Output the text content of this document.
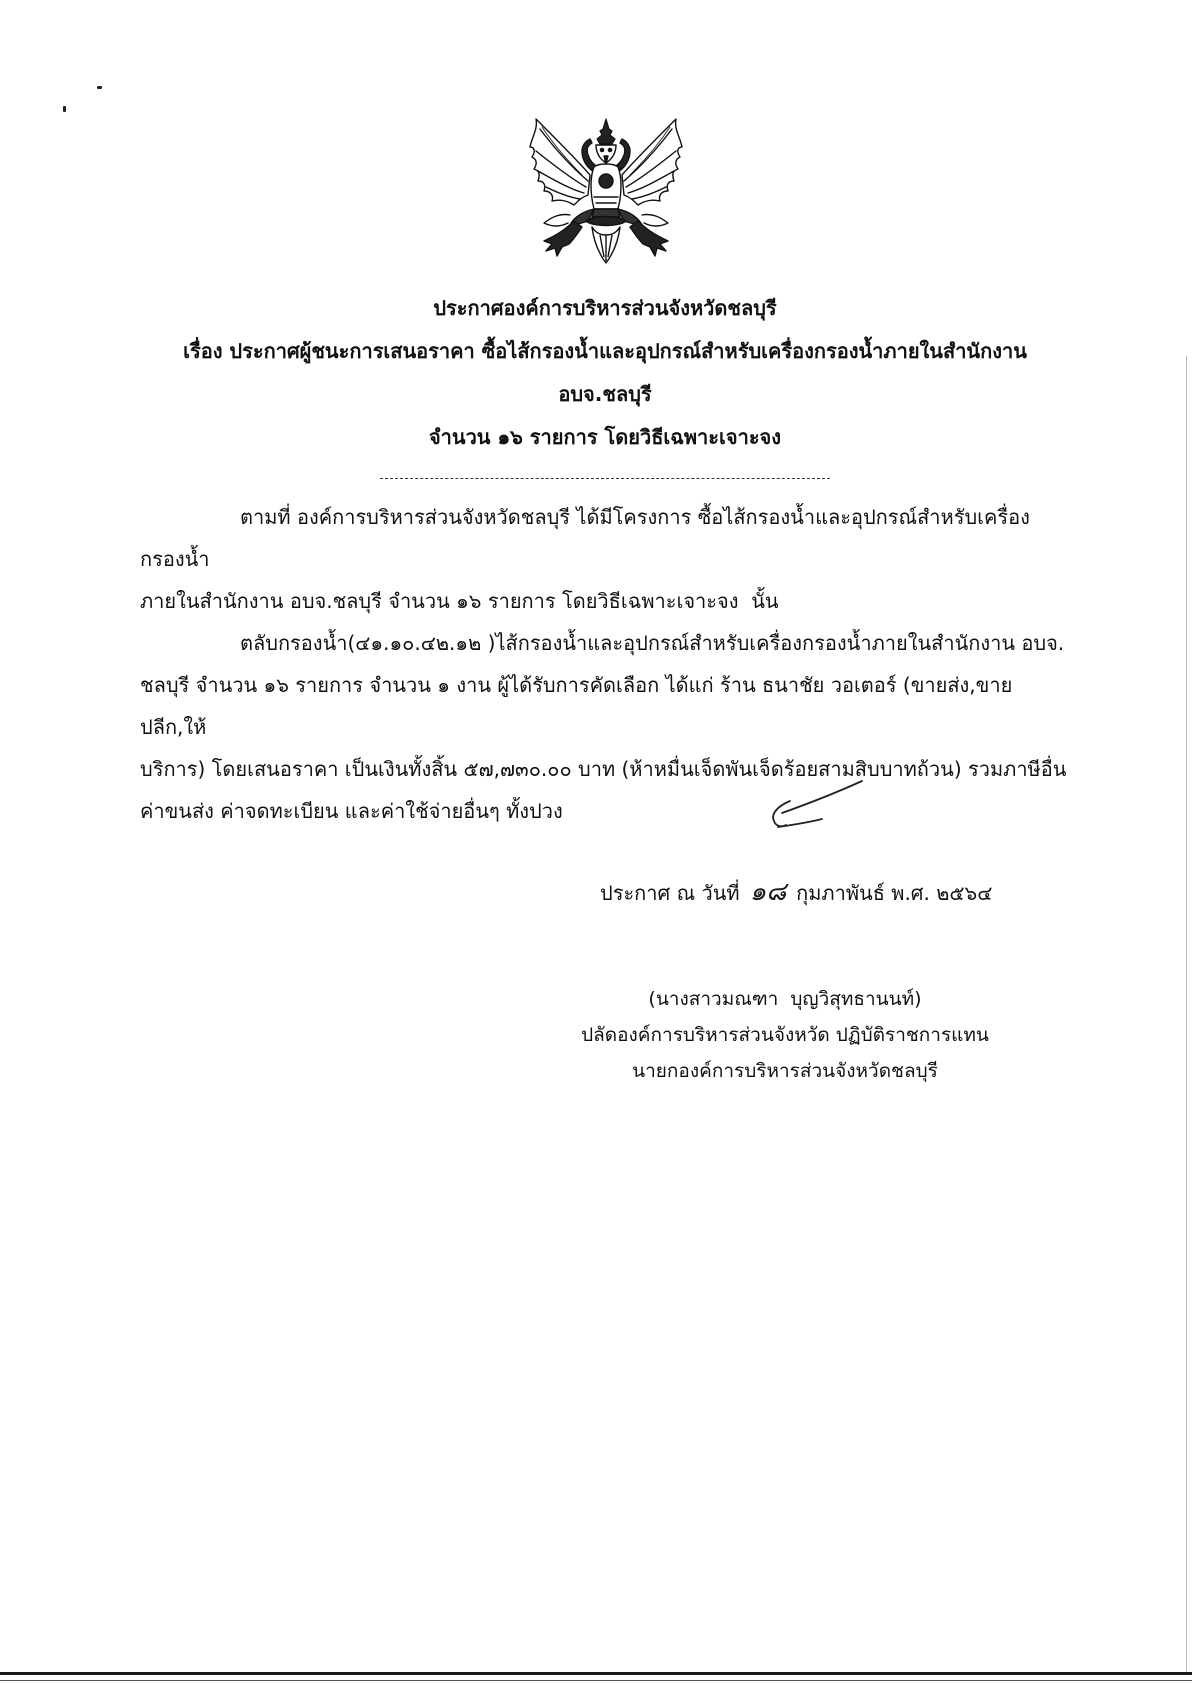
ประกาศองค์การบริหารส่วนจังหวัดชลบุรี
เรื่อง ประกาศผู้ชนะการเสนอราคา ซื้อไส้กรองน้ำและอุปกรณ์สำหรับเครื่องกรองน้ำภายในสำนักงาน อบจ.ชลบุรี
จำนวน ๑๖ รายการ โดยวิธีเฉพาะเจาะจง
ตามที่ องค์การบริหารส่วนจังหวัดชลบุรี ได้มีโครงการ ซื้อไส้กรองน้ำและอุปกรณ์สำหรับเครื่องกรองน้ำ
ภายในสำนักงาน อบจ.ชลบุรี จำนวน ๑๖ รายการ โดยวิธีเฉพาะเจาะจง  นั้น
ตลับกรองน้ำ(๔๑.๑๐.๔๒.๑๒ )ไส้กรองน้ำและอุปกรณ์สำหรับเครื่องกรองน้ำภายในสำนักงาน อบจ.
ชลบุรี จำนวน ๑๖ รายการ จำนวน ๑ งาน ผู้ได้รับการคัดเลือก ได้แก่ ร้าน ธนาชัย วอเตอร์ (ขายส่ง,ขายปลีก,ให้
บริการ) โดยเสนอราคา เป็นเงินทั้งสิ้น ๕๗,๗๓๐.๐๐ บาท (ห้าหมื่นเจ็ดพันเจ็ดร้อยสามสิบบาทถ้วน) รวมภาษีอื่น
ค่าขนส่ง ค่าจดทะเบียน และค่าใช้จ่ายอื่นๆ ทั้งปวง
ประกาศ ณ วันที่ ๑๘ กุมภาพันธ์ พ.ศ. ๒๕๖๔
(นางสาวมณฑา  บุญวิสุทธานนท์)
ปลัดองค์การบริหารส่วนจังหวัด ปฏิบัติราชการแทน
นายกองค์การบริหารส่วนจังหวัดชลบุรี
